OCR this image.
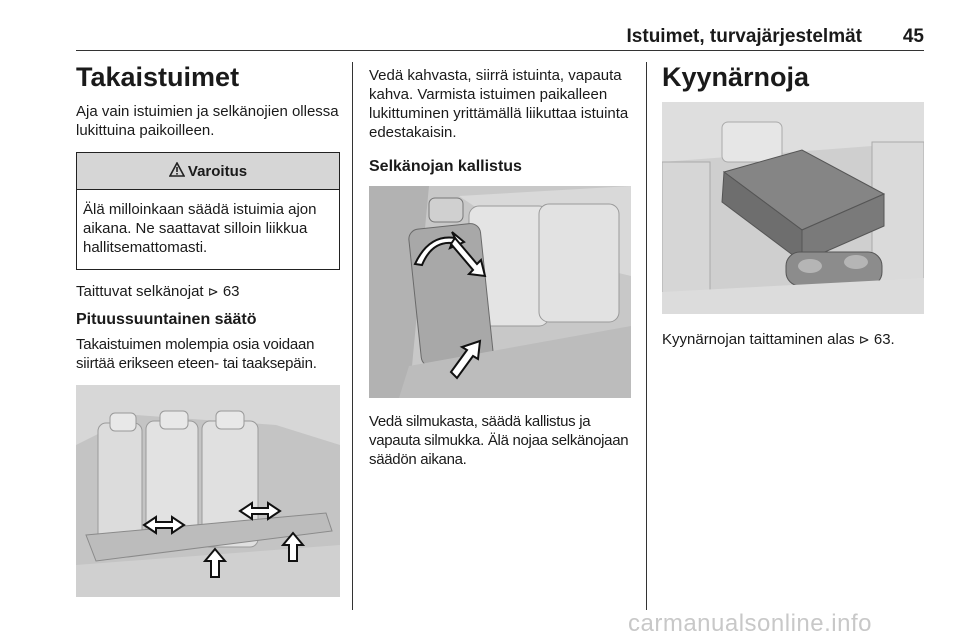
Istuimet, turvajärjestelmät 45
Takaistuimet

Aja vain istuimien ja selkänojien ollessa lukittuina paikoilleen.

Varoitus

Älä milloinkaan säädä istuimia ajon aikana. Ne saattavat silloin liikkua hallitsemattomasti.

Taittuvat selkänojat ⊳ 63

Pituussuuntainen säätö

Takaistuimen molempia osia voidaan siirtää erikseen eteen- tai taaksepäin.

Vedä kahvasta, siirrä istuinta, vapauta kahva. Varmista istuimen paikalleen lukittuminen yrittämällä liikuttaa istuinta edestakaisin.

Selkänojan kallistus

Vedä silmukasta, säädä kallistus ja vapauta silmukka. Älä nojaa selkänojaan säädön aikana.

Kyynärnoja

Kyynärnojan taittaminen alas ⊳ 63.

carmanualsonline.info
